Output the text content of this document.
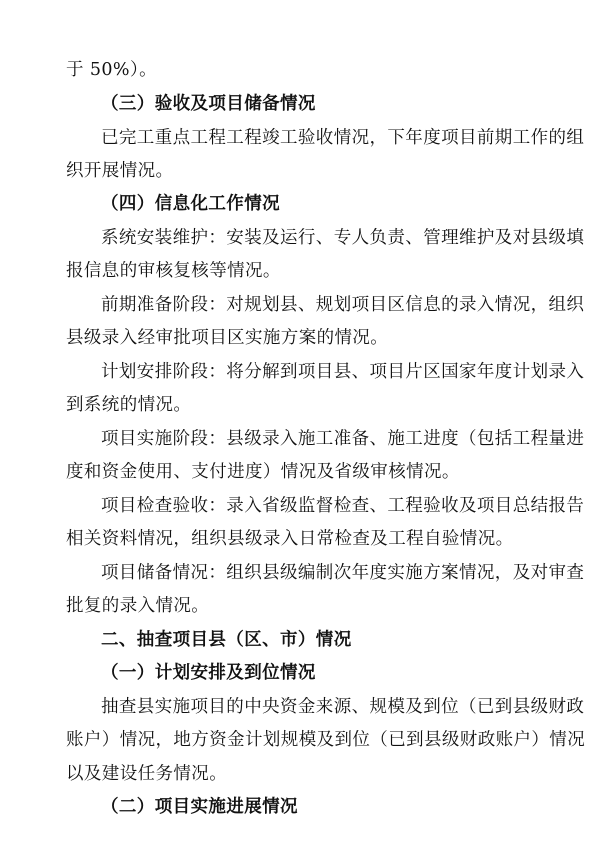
于 50%）。
（三）验收及项目储备情况
已完工重点工程工程竣工验收情况，下年度项目前期工作的组
织开展情况。
（四）信息化工作情况
系统安装维护：安装及运行、专人负责、管理维护及对县级填
报信息的审核复核等情况。
前期准备阶段：对规划县、规划项目区信息的录入情况，组织
县级录入经审批项目区实施方案的情况。
计划安排阶段：将分解到项目县、项目片区国家年度计划录入
到系统的情况。
项目实施阶段：县级录入施工准备、施工进度（包括工程量进
度和资金使用、支付进度）情况及省级审核情况。
项目检查验收：录入省级监督检查、工程验收及项目总结报告
相关资料情况，组织县级录入日常检查及工程自验情况。
项目储备情况：组织县级编制次年度实施方案情况，及对审查
批复的录入情况。
二、抽查项目县（区、市）情况
（一）计划安排及到位情况
抽查县实施项目的中央资金来源、规模及到位（已到县级财政
账户）情况，地方资金计划规模及到位（已到县级财政账户）情况
以及建设任务情况。
（二）项目实施进展情况
